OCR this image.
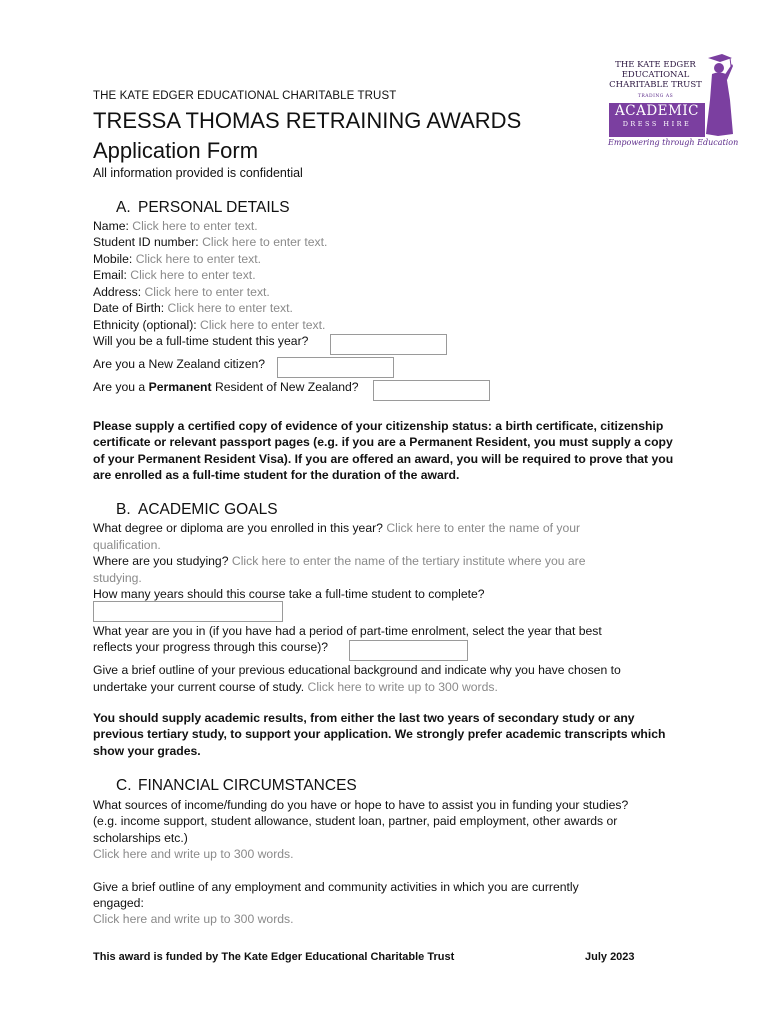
THE KATE EDGER EDUCATIONAL CHARITABLE TRUST
TRESSA THOMAS RETRAINING AWARDS
Application Form
All information provided is confidential
THE KATE EDGER
EDUCATIONAL
CHARITABLE TRUST
TRADING AS
ACADEMIC
DRESS HIRE
Empowering through Education
A. PERSONAL DETAILS
Name: Click here to enter text.
Student ID number: Click here to enter text.
Mobile: Click here to enter text.
Email: Click here to enter text.
Address: Click here to enter text.
Date of Birth: Click here to enter text.
Ethnicity (optional): Click here to enter text.
Will you be a full-time student this year?
Are you a New Zealand citizen?
Are you a Permanent Resident of New Zealand?
Please supply a certified copy of evidence of your citizenship status: a birth certificate, citizenship certificate or relevant passport pages (e.g. if you are a Permanent Resident, you must supply a copy of your Permanent Resident Visa). If you are offered an award, you will be required to prove that you are enrolled as a full-time student for the duration of the award.
B. ACADEMIC GOALS
What degree or diploma are you enrolled in this year? Click here to enter the name of your
qualification.
Where are you studying? Click here to enter the name of the tertiary institute where you are
studying.
How many years should this course take a full-time student to complete?
What year are you in (if you have had a period of part-time enrolment, select the year that best
reflects your progress through this course)?
Give a brief outline of your previous educational background and indicate why you have chosen to
undertake your current course of study. Click here to write up to 300 words.
You should supply academic results, from either the last two years of secondary study or any previous tertiary study, to support your application. We strongly prefer academic transcripts which show your grades.
C. FINANCIAL CIRCUMSTANCES
What sources of income/funding do you have or hope to have to assist you in funding your studies?
(e.g. income support, student allowance, student loan, partner, paid employment, other awards or
scholarships etc.)
Click here and write up to 300 words.
Give a brief outline of any employment and community activities in which you are currently
engaged:
Click here and write up to 300 words.
This award is funded by The Kate Edger Educational Charitable Trust	July 2023
